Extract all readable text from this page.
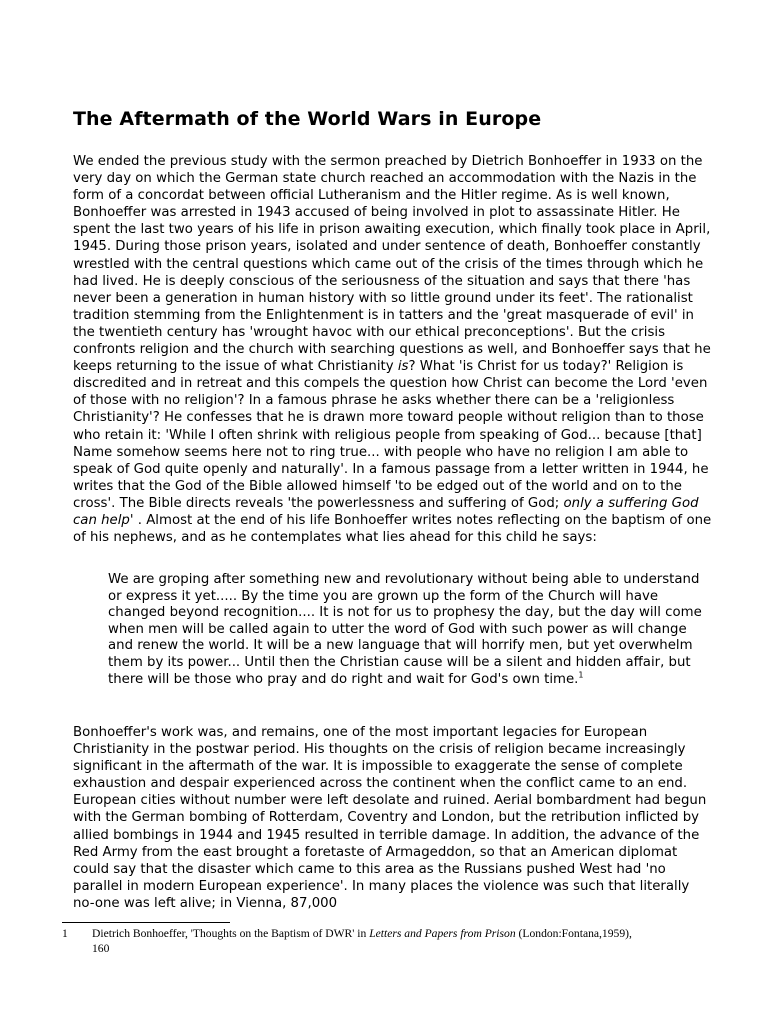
The Aftermath of the World Wars in Europe

We ended the previous study with the sermon preached by Dietrich Bonhoeffer in 1933 on the very day on which the German state church reached an accommodation with the Nazis in the form of a concordat between official Lutheranism and the Hitler regime. As is well known, Bonhoeffer was arrested in 1943 accused of being involved in plot to assassinate Hitler. He spent the last two years of his life in prison awaiting execution, which finally took place in April, 1945. During those prison years, isolated and under sentence of death, Bonhoeffer constantly wrestled with the central questions which came out of the crisis of the times through which he had lived. He is deeply conscious of the seriousness of the situation and says that there 'has never been a generation in human history with so little ground under its feet'. The rationalist tradition stemming from the Enlightenment is in tatters and the 'great masquerade of evil' in the twentieth century has 'wrought havoc with our ethical preconceptions'. But the crisis confronts religion and the church with searching questions as well, and Bonhoeffer says that he keeps returning to the issue of what Christianity is? What 'is Christ for us today?' Religion is discredited and in retreat and this compels the question how Christ can become the Lord 'even of those with no religion'? In a famous phrase he asks whether there can be a 'religionless Christianity'? He confesses that he is drawn more toward people without religion than to those who retain it: 'While I often shrink with religious people from speaking of God... because [that] Name somehow seems here not to ring true... with people who have no religion I am able to speak of God quite openly and naturally'. In a famous passage from a letter written in 1944, he writes that the God of the Bible allowed himself 'to be edged out of the world and on to the cross'. The Bible directs reveals 'the powerlessness and suffering of God; only a suffering God can help' . Almost at the end of his life Bonhoeffer writes notes reflecting on the baptism of one of his nephews, and as he contemplates what lies ahead for this child he says:

We are groping after something new and revolutionary without being able to understand or express it yet..... By the time you are grown up the form of the Church will have changed beyond recognition.... It is not for us to prophesy the day, but the day will come when men will be called again to utter the word of God with such power as will change and renew the world. It will be a new language that will horrify men, but yet overwhelm them by its power... Until then the Christian cause will be a silent and hidden affair, but there will be those who pray and do right and wait for God's own time.$^1$

Bonhoeffer's work was, and remains, one of the most important legacies for European Christianity in the postwar period. His thoughts on the crisis of religion became increasingly significant in the aftermath of the war. It is impossible to exaggerate the sense of complete exhaustion and despair experienced across the continent when the conflict came to an end. European cities without number were left desolate and ruined. Aerial bombardment had begun with the German bombing of Rotterdam, Coventry and London, but the retribution inflicted by allied bombings in 1944 and 1945 resulted in terrible damage. In addition, the advance of the Red Army from the east brought a foretaste of Armageddon, so that an American diplomat could say that the disaster which came to this area as the Russians pushed West had 'no parallel in modern European experience'. In many places the violence was such that literally no-one was left alive; in Vienna, 87,000

1 Dietrich Bonhoeffer, 'Thoughts on the Baptism of DWR' in Letters and Papers from Prison (London:Fontana,1959),
160
